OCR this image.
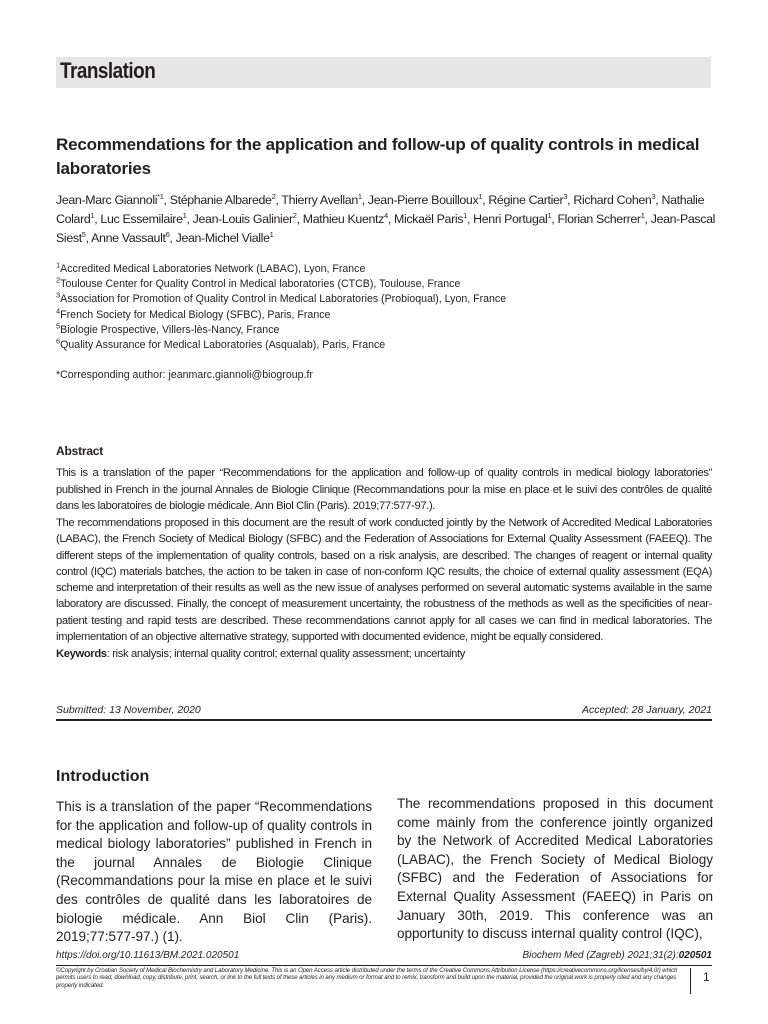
Translation
Recommendations for the application and follow-up of quality controls in medical laboratories
Jean-Marc Giannoli$^{*1}$, Stéphanie Albarede$^2$, Thierry Avellan$^1$, Jean-Pierre Bouilloux$^1$, Régine Cartier$^3$, Richard Cohen$^3$, Nathalie Colard$^1$, Luc Essemilaire$^1$, Jean-Louis Galinier$^2$, Mathieu Kuentz$^4$, Mickaël Paris$^1$, Henri Portugal$^1$, Florian Scherrer$^1$, Jean-Pascal Siest$^5$, Anne Vassault$^6$, Jean-Michel Vialle$^1$
$^1$Accredited Medical Laboratories Network (LABAC), Lyon, France
$^2$Toulouse Center for Quality Control in Medical laboratories (CTCB), Toulouse, France
$^3$Association for Promotion of Quality Control in Medical Laboratories (Probioqual), Lyon, France
$^4$French Society for Medical Biology (SFBC), Paris, France
$^5$Biologie Prospective, Villers-lès-Nancy, France
$^6$Quality Assurance for Medical Laboratories (Asqualab), Paris, France
*Corresponding author: jeanmarc.giannoli@biogroup.fr
Abstract

This is a translation of the paper “Recommendations for the application and follow-up of quality controls in medical biology laboratories” published in French in the journal Annales de Biologie Clinique (Recommandations pour la mise en place et le suivi des contrôles de qualité dans les laboratoires de biologie médicale. Ann Biol Clin (Paris). 2019;77:577-97.).

The recommendations proposed in this document are the result of work conducted jointly by the Network of Accredited Medical Laboratories (LABAC), the French Society of Medical Biology (SFBC) and the Federation of Associations for External Quality Assessment (FAEEQ). The different steps of the implementation of quality controls, based on a risk analysis, are described. The changes of reagent or internal quality control (IQC) materials batches, the action to be taken in case of non-conform IQC results, the choice of external quality assessment (EQA) scheme and interpretation of their results as well as the new issue of analyses performed on several automatic systems available in the same laboratory are discussed. Finally, the concept of measurement uncertainty, the robustness of the methods as well as the specificities of near-patient testing and rapid tests are described. These recommendations cannot apply for all cases we can find in medical laboratories. The implementation of an objective alternative strategy, supported with documented evidence, might be equally considered.

Keywords: risk analysis; internal quality control; external quality assessment; uncertainty

Submitted: 13 November, 2020	Accepted: 28 January, 2021
Introduction
This is a translation of the paper “Recommendations for the application and follow-up of quality controls in medical biology laboratories” published in French in the journal Annales de Biologie Clinique (Recommandations pour la mise en place et le suivi des contrôles de qualité dans les laboratoires de biologie médicale. Ann Biol Clin (Paris). 2019;77:577-97.) (1).
The recommendations proposed in this document come mainly from the conference jointly organized by the Network of Accredited Medical Laboratories (LABAC), the French Society of Medical Biology (SFBC) and the Federation of Associations for External Quality Assessment (FAEEQ) in Paris on January 30th, 2019. This conference was an opportunity to discuss internal quality control (IQC),
https://doi.org/10.11613/BM.2021.020501	Biochem Med (Zagreb) 2021;31(2):020501
©Copyright by Croatian Society of Medical Biochemistry and Laboratory Medicine. This is an Open Access article distributed under the terms of the Creative Commons Attribution License (https://creativecommons.org/licenses/by/4.0/) which permits users to read, download, copy, distribute, print, search, or link to the full texts of these articles in any medium or format and to remix, transform and build upon the material, provided the original work is properly cited and any changes properly indicated.
1
